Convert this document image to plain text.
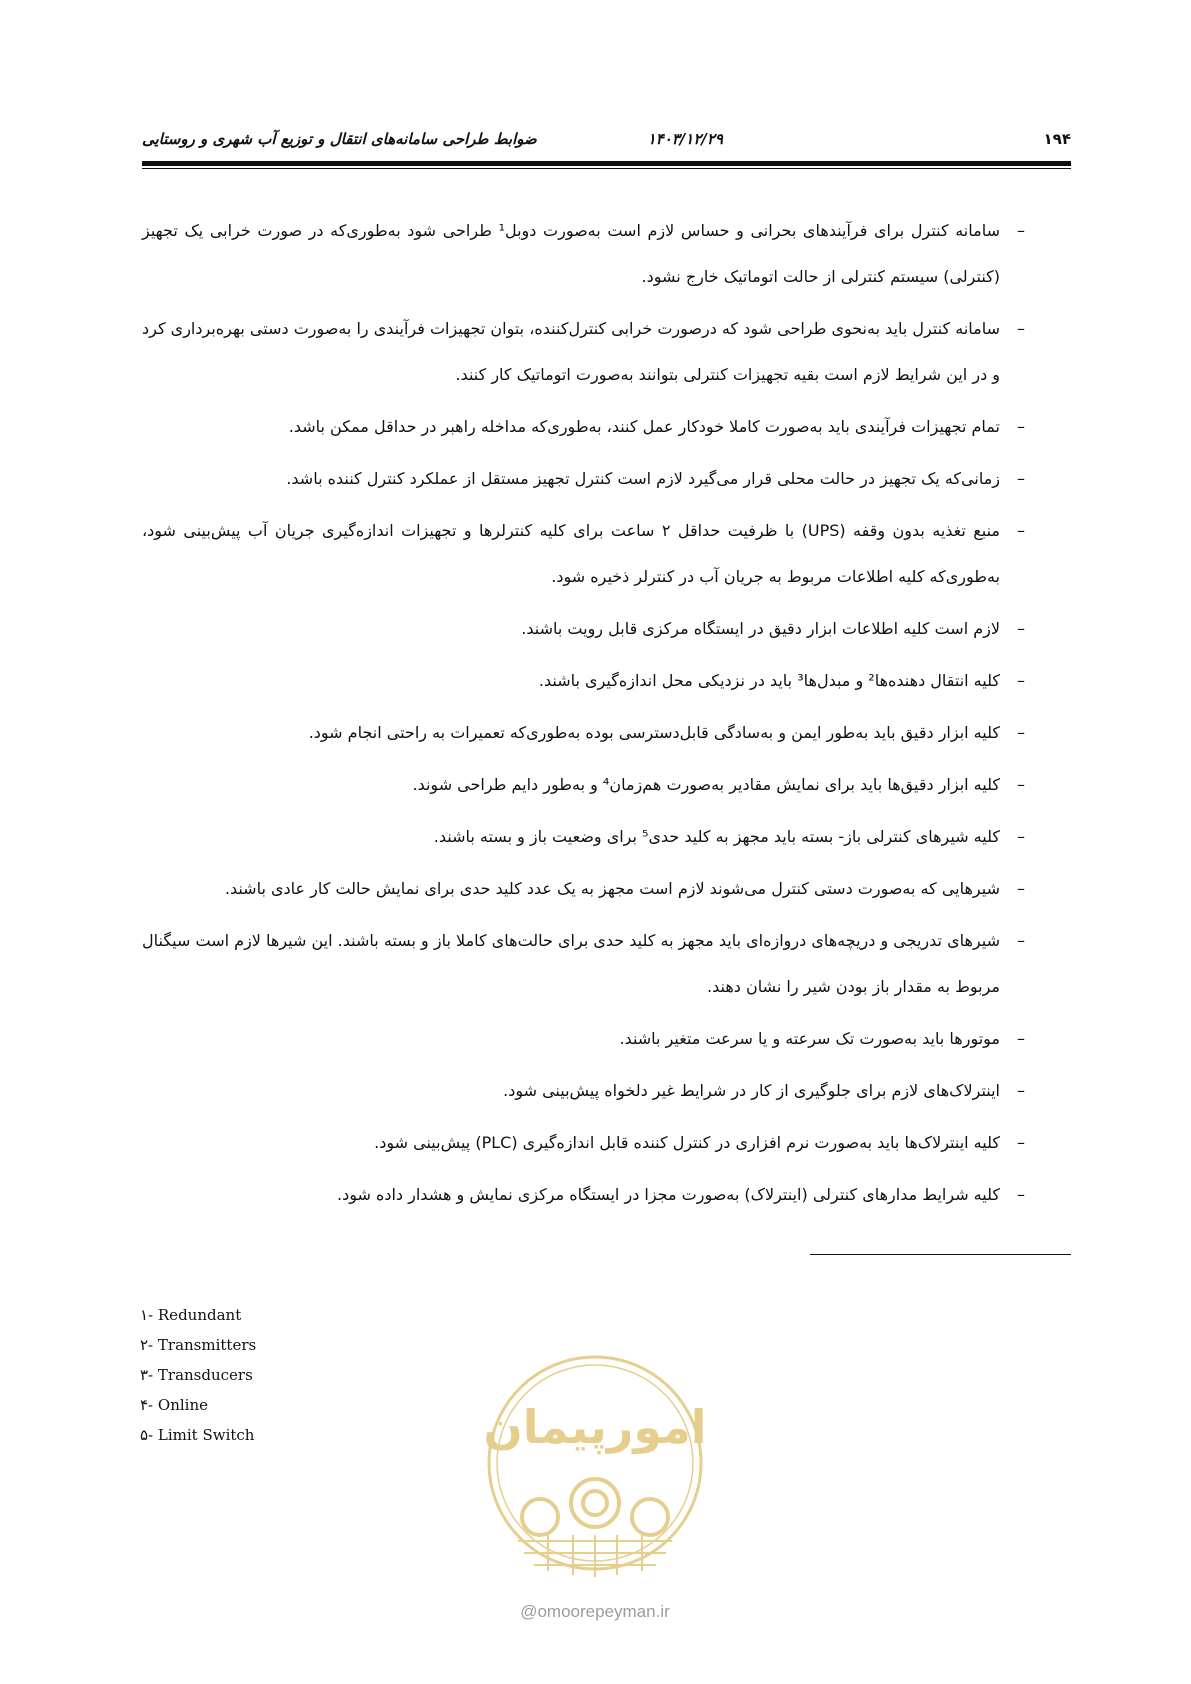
۱۹۴
۱۴۰۳/۱۲/۲۹
ضوابط طراحی سامانه‌های انتقال و توزیع آب شهری و روستایی
–
سامانه کنترل برای فرآیندهای بحرانی و حساس لازم است به‌صورت دوبل¹ طراحی شود به‌طوری‌که در صورت خرابی یک تجهیز (کنترلی) سیستم کنترلی از حالت اتوماتیک خارج نشود.
–
سامانه کنترل باید به‌نحوی طراحی شود که درصورت خرابی کنترل‌کننده، بتوان تجهیزات فرآیندی را به‌صورت دستی بهره‌برداری کرد و در این شرایط لازم است بقیه تجهیزات کنترلی بتوانند به‌صورت اتوماتیک کار کنند.
–
تمام تجهیزات فرآیندی باید به‌صورت کاملا خودکار عمل کنند، به‌طوری‌که مداخله راهبر در حداقل ممکن باشد.
–
زمانی‌که یک تجهیز در حالت محلی قرار می‌گیرد لازم است کنترل تجهیز مستقل از عملکرد کنترل کننده باشد.
–
منبع تغذیه بدون وقفه (UPS) با ظرفیت حداقل ۲ ساعت برای کلیه کنترلرها و تجهیزات اندازه‌گیری جریان آب پیش‌بینی شود، به‌طوری‌که کلیه اطلاعات مربوط به جریان آب در کنترلر ذخیره شود.
–
لازم است کلیه اطلاعات ابزار دقیق در ایستگاه مرکزی قابل رویت باشند.
–
کلیه انتقال دهنده‌ها² و مبدل‌ها³ باید در نزدیکی محل اندازه‌گیری باشند.
–
کلیه ابزار دقیق باید به‌طور ایمن و به‌سادگی قابل‌دسترسی بوده به‌طوری‌که تعمیرات به راحتی انجام شود.
–
کلیه ابزار دقیق‌ها باید برای نمایش مقادیر به‌صورت هم‌زمان⁴ و به‌طور دایم طراحی شوند.
–
کلیه شیرهای کنترلی باز- بسته باید مجهز به کلید حدی⁵ برای وضعیت باز و بسته باشند.
–
شیرهایی که به‌صورت دستی کنترل می‌شوند لازم است مجهز به یک عدد کلید حدی برای نمایش حالت کار عادی باشند.
–
شیرهای تدریجی و دریچه‌های دروازه‌ای باید مجهز به کلید حدی برای حالت‌های کاملا باز و بسته باشند. این شیرها لازم است سیگنال مربوط به مقدار باز بودن شیر را نشان دهند.
–
موتورها باید به‌صورت تک سرعته و یا سرعت متغیر باشند.
–
اینترلاک‌های لازم برای جلوگیری از کار در شرایط غیر دلخواه پیش‌بینی شود.
–
کلیه اینترلاک‌ها باید به‌صورت نرم افزاری در کنترل کننده قابل اندازه‌گیری (PLC) پیش‌بینی شود.
–
کلیه شرایط مدارهای کنترلی (اینترلاک) به‌صورت مجزا در ایستگاه مرکزی نمایش و هشدار داده شود.
۱- Redundant
۲- Transmitters
۳- Transducers
۴- Online
۵- Limit Switch	امورپیمان
@omoorepeyman.ir
